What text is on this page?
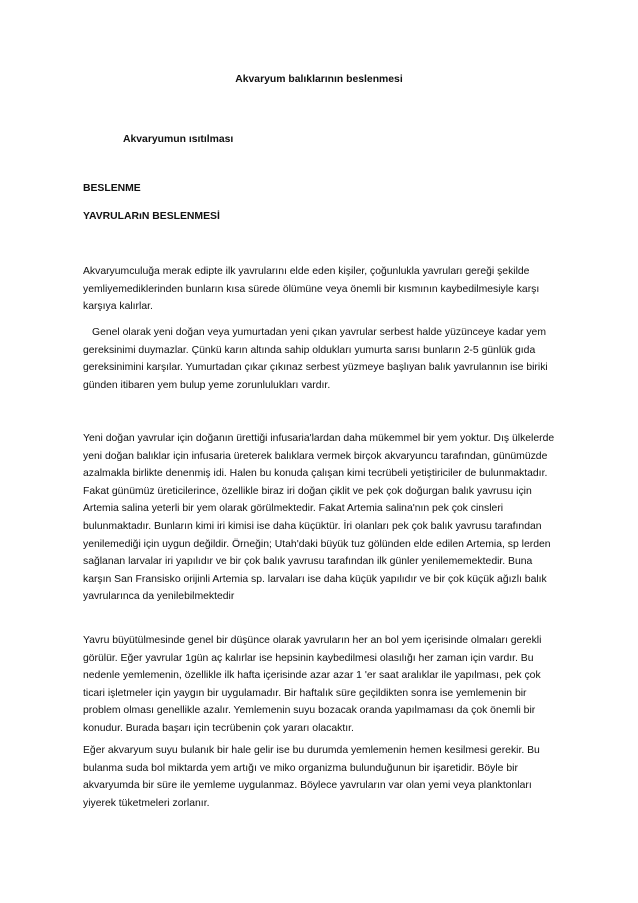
Akvaryum balıklarının beslenmesi
Akvaryumun ısıtılması
BESLENME
YAVRULARıN BESLENMESİ

Akvaryumculuğa merak edipte ilk yavrularını elde eden kişiler, çoğunlukla yavruları gereği şekilde yemliyemediklerinden bunların kısa sürede ölümüne veya önemli bir kısmının kaybedilmesiyle karşı karşıya kalırlar.

Genel olarak yeni doğan veya yumurtadan yeni çıkan yavrular serbest halde yüzünceye kadar yem gereksinimi duymazlar. Çünkü karın altında sahip oldukları yumurta sarısı bunların 2-5 günlük gıda gereksinimini karşılar. Yumurtadan çıkar çıkınaz serbest yüzmeye başlıyan balık yavrulannın ise biriki günden itibaren yem bulup yeme zorunlulukları vardır.

Yeni doğan yavrular için doğanın ürettiği infusaria'lardan daha mükemmel bir yem yoktur. Dış ülkelerde yeni doğan balıklar için infusaria üreterek balıklara vermek birçok akvaryuncu tarafından, günümüzde azalmakla birlikte denenmiş idi. Halen bu konuda çalışan kimi tecrübeli yetiştiriciler de bulunmaktadır. Fakat günümüz üreticilerince, özellikle biraz iri doğan çiklit ve pek çok doğurgan balık yavrusu için Artemia salina yeterli bir yem olarak görülmektedir. Fakat Artemia salina'nın pek çok cinsleri bulunmaktadır. Bunların kimi iri kimisi ise daha küçüktür. İri olanları pek çok balık yavrusu tarafından yenilemediği için uygun değildir. Örneğin; Utah'daki büyük tuz gölünden elde edilen Artemia, sp lerden sağlanan larvalar iri yapılıdır ve bir çok balık yavrusu tarafından ilk günler yenilememektedir. Buna karşın San Fransisko orijinli Artemia sp. larvaları ise daha küçük yapılıdır ve bir çok küçük ağızlı balık yavrularınca da yenilebilmektedir

Yavru büyütülmesinde genel bir düşünce olarak yavruların her an bol yem içerisinde olmaları gerekli görülür. Eğer yavrular 1gün aç kalırlar ise hepsinin kaybedilmesi olasılığı her zaman için vardır. Bu nedenle yemlemenin, özellikle ilk hafta içerisinde azar azar 1 'er saat aralıklar ile yapılması, pek çok ticari işletmeler için yaygın bir uygulamadır. Bir haftalık süre geçildikten sonra ise yemlemenin bir problem olması genellikle azalır. Yemlemenin suyu bozacak oranda yapılmaması da çok önemli bir konudur. Burada başarı için tecrübenin çok yararı olacaktır.

Eğer akvaryum suyu bulanık bir hale gelir ise bu durumda yemlemenin hemen kesilmesi gerekir. Bu bulanma suda bol miktarda yem artığı ve miko organizma bulunduğunun bir işaretidir. Böyle bir akvaryumda bir süre ile yemleme uygulanmaz. Böylece yavruların var olan yemi veya planktonları yiyerek tüketmeleri zorlanır.
